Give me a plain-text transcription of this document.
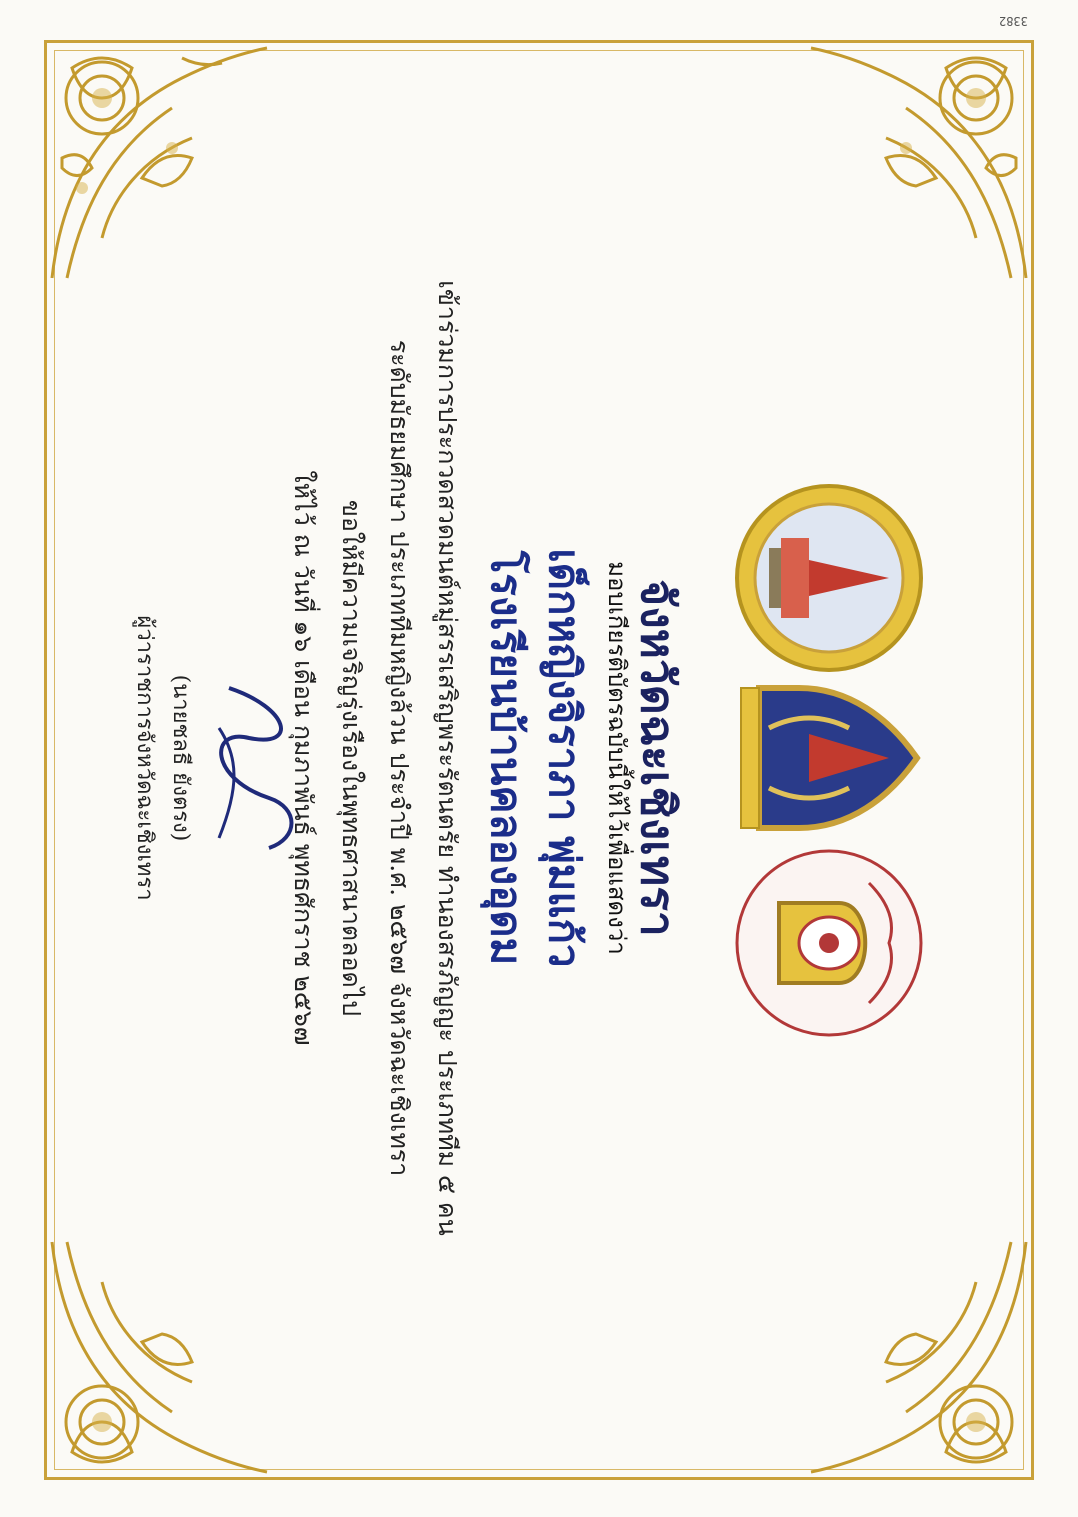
3382
จังหวัดฉะเชิงเทรา
มอบเกียรติบัตรฉบับนี้ให้ไว้เพื่อแสดงว่า
เด็กหญิงจิราภา พุ่มแก้ว
โรงเรียนบ้านคลองอุดม
เข้าร่วมการประกวดสวดมนต์หมู่สรรเสริญพระรัตนตรัย ทำนองสรภัญญะ ประเภททีม ๕ คน
ระดับมัธยมศึกษา ประเภททีมหญิงล้วน ประจำปี พ.ศ. ๒๕๖๗ จังหวัดฉะเชิงเทรา
ขอให้มีความเจริญรุ่งเรืองในพุทธศาสนาตลอดไป
ให้ไว้ ณ วันที่ ๑๖ เดือน กุมภาพันธ์ พุทธศักราช ๒๕๖๗
(นายชลธี ยังตรง)
ผู้ว่าราชการจังหวัดฉะเชิงเทรา
